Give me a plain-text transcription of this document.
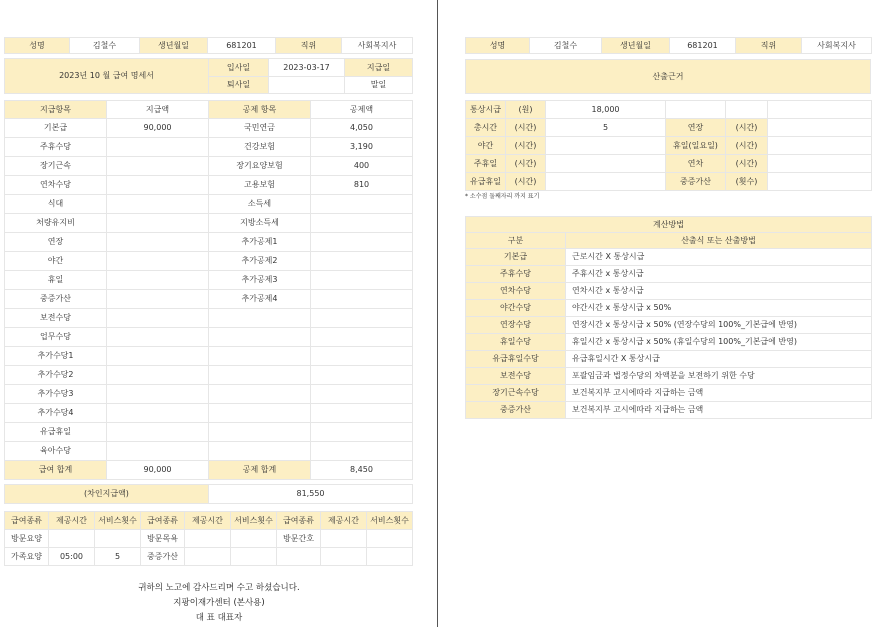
성명	김철수	생년월일	681201	직위	사회복지사
2023년 10 월 급여 명세서	입사일	2023-03-17	지급일
	퇴사일		말일
지급항목	지급액	공제 항목	공제액
기본급	90,000	국민연금	4,050
주휴수당		건강보험	3,190
장기근속		장기요양보험	400
연차수당		고용보험	810
식대		소득세	
처량유지비		지방소득세	
연장		추가공제1	
야간		추가공제2	
휴일		추가공제3	
중증가산		추가공제4	
보전수당			
업무수당			
추가수당1			
추가수당2			
추가수당3			
추가수당4			
유급휴일			
육아수당			
급여 합계	90,000	공제 합계	8,450
(차인지급액)	81,550
급여종류	제공시간	서비스횟수	급여종류	제공시간	서비스횟수	급여종류	제공시간	서비스횟수
방문요양			방문목욕			방문간호		
가족요양	05:00	5	중증가산					
귀하의 노고에 감사드리며 수고 하셨습니다.
지팡이재가센터 (본사용)
대 표 대표자
성명	김철수	생년월일	681201	직위	사회복지사
산출근거
통상시급	(원)	18,000			
총시간	(시간)	5	연장	(시간)	
야간	(시간)		휴일(일요일)	(시간)	
주휴일	(시간)		연차	(시간)	
유급휴일	(시간)		중증가산	(횟수)	
* 소수점 둘째자리 까지 표기
계산방법	
구분	산출식 또는 산출방법
기본급	근로시간 X 통상시급
주휴수당	주휴시간 x 통상시급
연차수당	연차시간 x 통상시급
야간수당	야간시간 x 통상시급 x 50%
연장수당	연장시간 x 통상시급 x 50% (연장수당의 100%_기본급에 반영)
휴일수당	휴일시간 x 통상시급 x 50% (휴일수당의 100%_기본급에 반영)
유급휴일수당	유급휴일시간 X 통상시급
보전수당	포괄임금과 법정수당의 차액분을 보전하기 위한 수당
장기근속수당	보건복지부 고시에따라 지급하는 금액
중증가산	보건복지부 고시에따라 지급하는 금액
